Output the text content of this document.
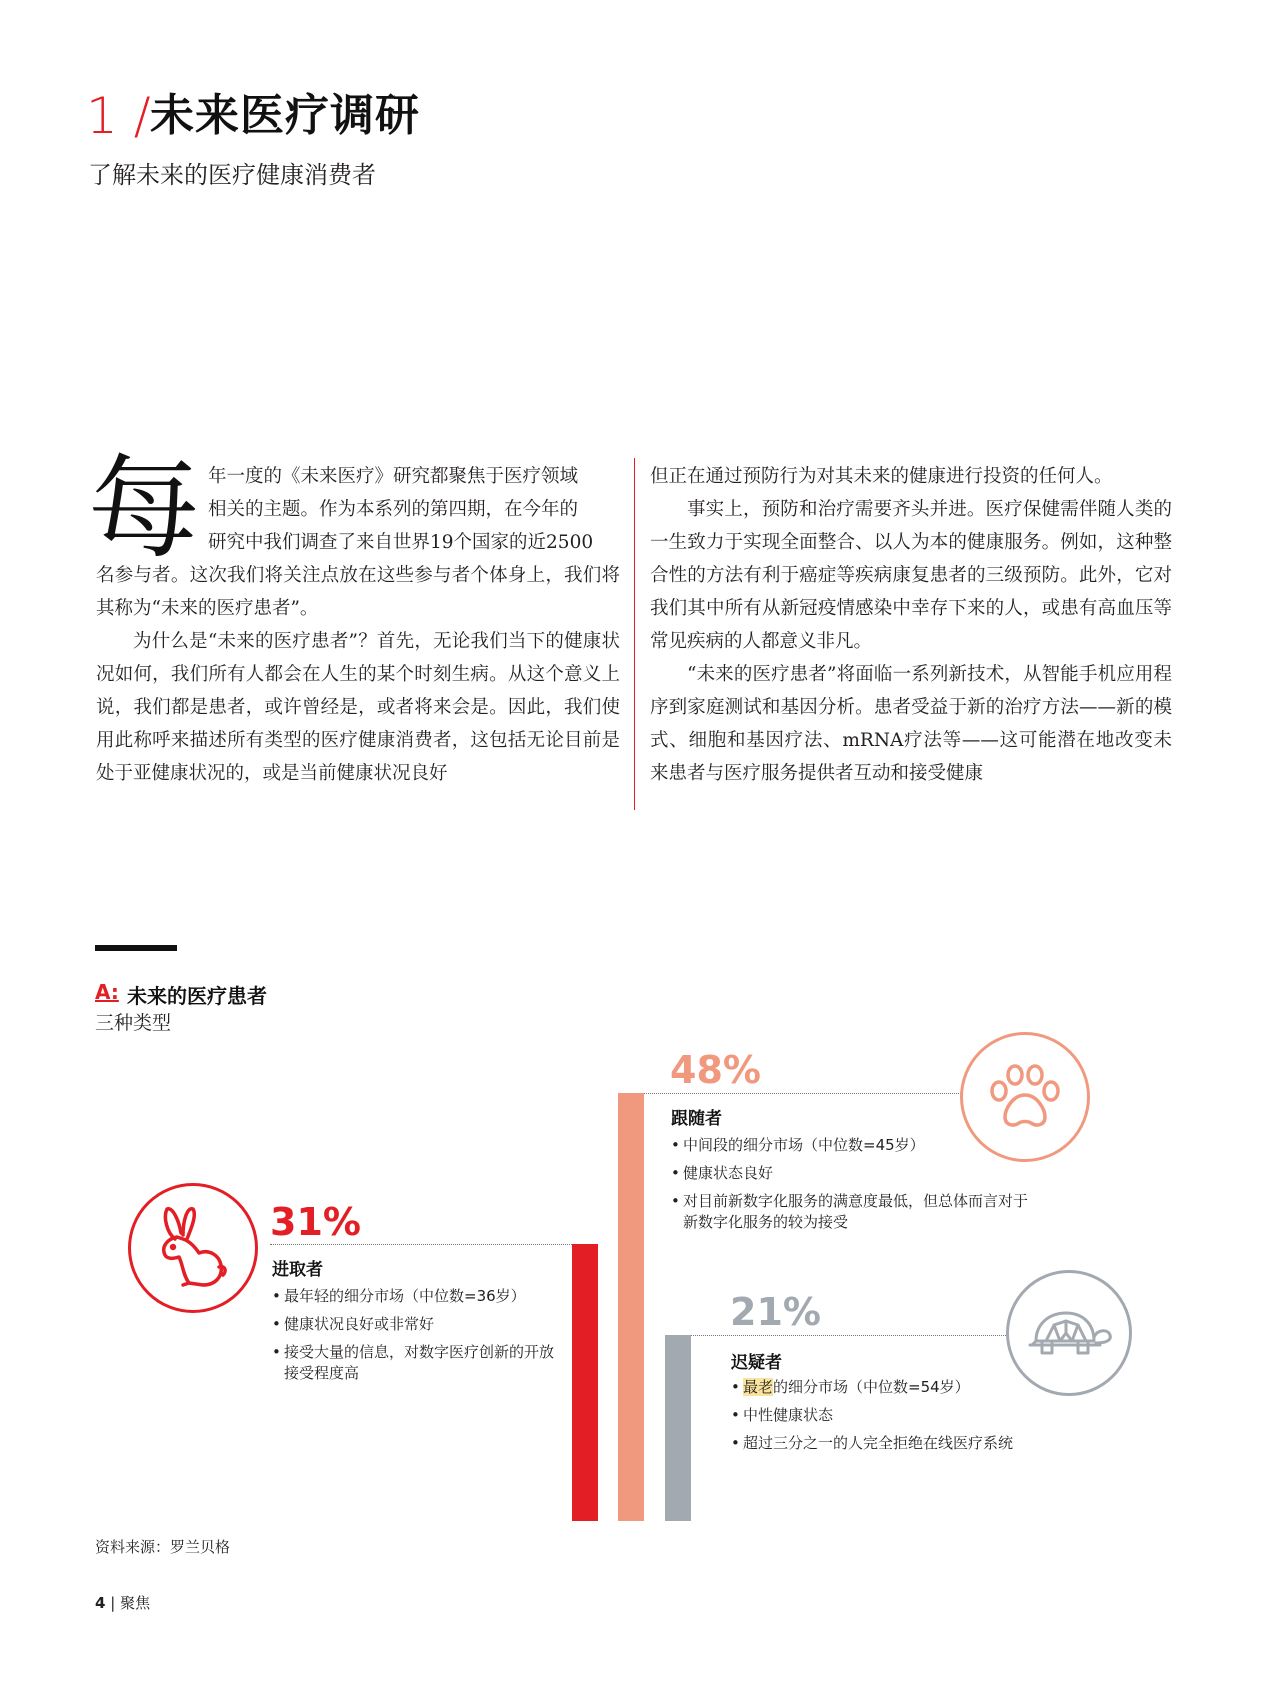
1 / 未来医疗调研
了解未来的医疗健康消费者
每 年一度的《未来医疗》研究都聚焦于医疗领域
相关的主题。作为本系列的第四期，在今年的
研究中我们调查了来自世界19个国家的近2500

名参与者。这次我们将关注点放在这些参与者个体身上，我们将其称为“未来的医疗患者”。

为什么是“未来的医疗患者”？首先，无论我们当下的健康状况如何，我们所有人都会在人生的某个时刻生病。从这个意义上说，我们都是患者，或许曾经是，或者将来会是。因此，我们使用此称呼来描述所有类型的医疗健康消费者，这包括无论目前是处于亚健康状况的，或是当前健康状况良好

但正在通过预防行为对其未来的健康进行投资的任何人。

事实上，预防和治疗需要齐头并进。医疗保健需伴随人类的一生致力于实现全面整合、以人为本的健康服务。例如，这种整合性的方法有利于癌症等疾病康复患者的三级预防。此外，它对我们其中所有从新冠疫情感染中幸存下来的人，或患有高血压等常见疾病的人都意义非凡。

“未来的医疗患者”将面临一系列新技术，从智能手机应用程序到家庭测试和基因分析。患者受益于新的治疗方法——新的模式、细胞和基因疗法、mRNA疗法等——这可能潜在地改变未来患者与医疗服务提供者互动和接受健康

A: 未来的医疗患者
三种类型
31%
进取者
• 最年轻的细分市场（中位数=36岁）
• 健康状况良好或非常好
• 接受大量的信息，对数字医疗创新的开放接受程度高
48%
跟随者
• 中间段的细分市场（中位数=45岁）
• 健康状态良好
• 对目前新数字化服务的满意度最低，但总体而言对于新数字化服务的较为接受
21%
迟疑者
• 最老的细分市场（中位数=54岁）
• 中性健康状态
• 超过三分之一的人完全拒绝在线医疗系统
资料来源：罗兰贝格
4 | 聚焦
